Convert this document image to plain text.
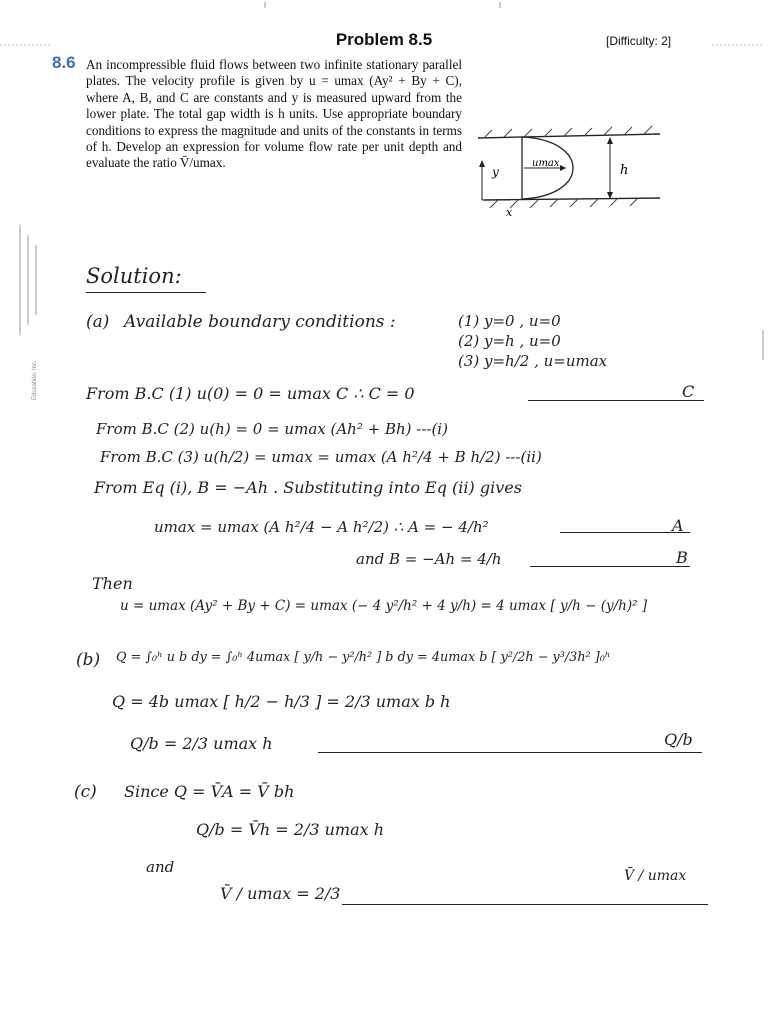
Problem 8.5	[Difficulty: 2]
8.6 An incompressible fluid flows between two infinite stationary parallel plates. The velocity profile is given by u = umax (Ay² + By + C), where A, B, and C are constants and y is measured upward from the lower plate. The total gap width is h units. Use appropriate boundary conditions to express the magnitude and units of the constants in terms of h. Develop an expression for volume flow rate per unit depth and evaluate the ratio V̄/umax.
y
umax	h
x
Education, Inc.
Solution:
(a) Available boundary conditions :	(1) y=0 , u=0
(2) y=h , u=0
(3) y=h/2 , u=umax
From B.C (1) u(0) = 0 = umax C ∴ C = 0	C
From B.C (2) u(h) = 0 = umax (Ah² + Bh) ---(i)
From B.C (3) u(h/2) = umax = umax (A h²/4 + B h/2) ---(ii)
From Eq (i), B = −Ah . Substituting into Eq (ii) gives
umax = umax (A h²/4 − A h²/2) ∴ A = − 4/h²	A
and B = −Ah = 4/h	B
Then
u = umax (Ay² + By + C) = umax (− 4 y²/h² + 4 y/h) = 4 umax [ y/h − (y/h)² ]
(b) Q = ∫₀ʰ u b dy = ∫₀ʰ 4umax [ y/h − y²/h² ] b dy = 4umax b [ y²/2h − y³/3h² ]₀ʰ
Q = 4b umax [ h/2 − h/3 ] = 2/3 umax b h
Q/b = 2/3 umax h	Q/b
(c) Since Q = V̄A = V̄ bh
Q/b = V̄h = 2/3 umax h
and
V̄ / umax = 2/3
V̄ / umax
